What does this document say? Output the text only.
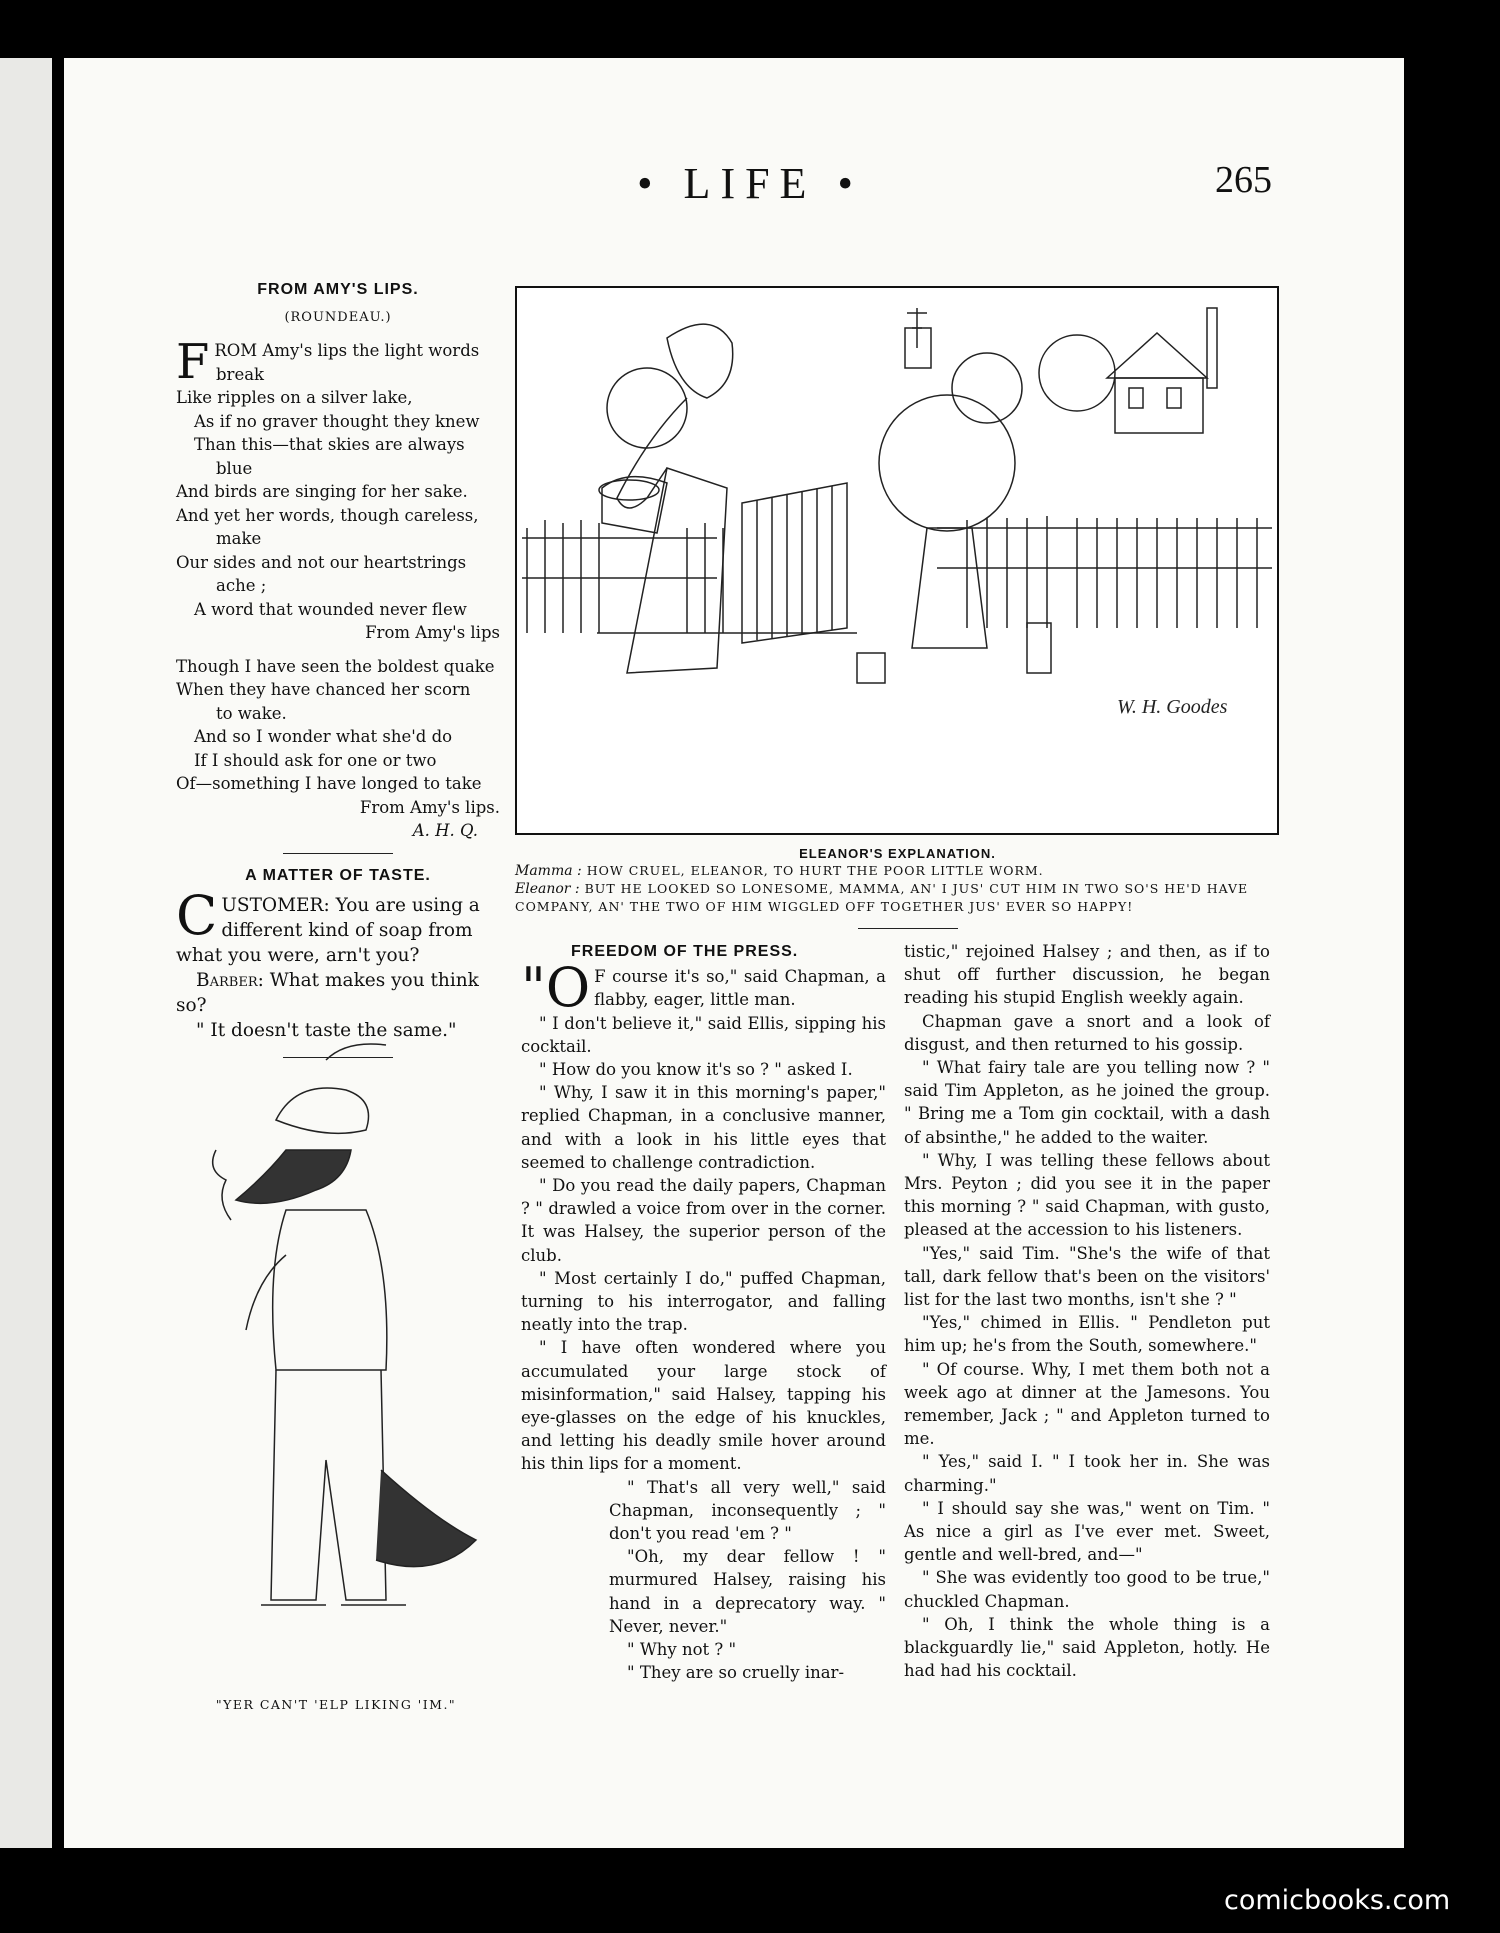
• LIFE •	265
FROM AMY'S LIPS.
(ROUNDEAU.)
F ROM Amy's lips the light words
break
Like ripples on a silver lake,
As if no graver thought they knew
Than this—that skies are always
blue
And birds are singing for her sake.
And yet her words, though careless,
make
Our sides and not our heartstrings
ache ;
A word that wounded never flew
From Amy's lips
Though I have seen the boldest quake
When they have chanced her scorn
to wake.
And so I wonder what she'd do
If I should ask for one or two
Of—something I have longed to take
From Amy's lips.
A. H. Q.
A MATTER OF TASTE.

CUSTOMER: You are using a different kind of soap from what you were, arn't you?

Barber: What makes you think so?

" It doesn't taste the same."

W. H. Goodes
ELEANOR'S EXPLANATION.
Mamma : HOW CRUEL, ELEANOR, TO HURT THE POOR LITTLE WORM.
Eleanor : BUT HE LOOKED SO LONESOME, MAMMA, AN' I JUS' CUT HIM IN TWO SO'S HE'D HAVE COMPANY, AN' THE TWO OF HIM WIGGLED OFF TOGETHER JUS' EVER SO HAPPY!
FREEDOM OF THE PRESS.

"O F course it's so," said Chapman, a flabby, eager, little man.

" I don't believe it," said Ellis, sipping his cocktail.

" How do you know it's so ? " asked I.

" Why, I saw it in this morning's paper," replied Chapman, in a conclusive manner, and with a look in his little eyes that seemed to challenge contradiction.

" Do you read the daily papers, Chapman ? " drawled a voice from over in the corner. It was Halsey, the superior person of the club.

" Most certainly I do," puffed Chapman, turning to his interrogator, and falling neatly into the trap.

" I have often wondered where you accumulated your large stock of misinformation," said Halsey, tapping his eye-glasses on the edge of his knuckles, and letting his deadly smile hover around his thin lips for a moment.

" That's all very well," said Chapman, inconsequently ; " don't you read 'em ? "

"Oh, my dear fellow ! " murmured Halsey, raising his hand in a deprecatory way. " Never, never."

" Why not ? "

" They are so cruelly inar-

tistic," rejoined Halsey ; and then, as if to shut off further discussion, he began reading his stupid English weekly again.

Chapman gave a snort and a look of disgust, and then returned to his gossip.

" What fairy tale are you telling now ? " said Tim Appleton, as he joined the group. " Bring me a Tom gin cocktail, with a dash of absinthe," he added to the waiter.

" Why, I was telling these fellows about Mrs. Peyton ; did you see it in the paper this morning ? " said Chapman, with gusto, pleased at the accession to his listeners.

"Yes," said Tim. "She's the wife of that tall, dark fellow that's been on the visitors' list for the last two months, isn't she ? "

"Yes," chimed in Ellis. " Pendleton put him up; he's from the South, somewhere."

" Of course. Why, I met them both not a week ago at dinner at the Jamesons. You remember, Jack ; " and Appleton turned to me.

" Yes," said I. " I took her in. She was charming."

" I should say she was," went on Tim. " As nice a girl as I've ever met. Sweet, gentle and well-bred, and—"

" She was evidently too good to be true," chuckled Chapman.

" Oh, I think the whole thing is a blackguardly lie," said Appleton, hotly. He had had his cocktail.

"YER CAN'T 'ELP LIKING 'IM."
comicbooks.com
